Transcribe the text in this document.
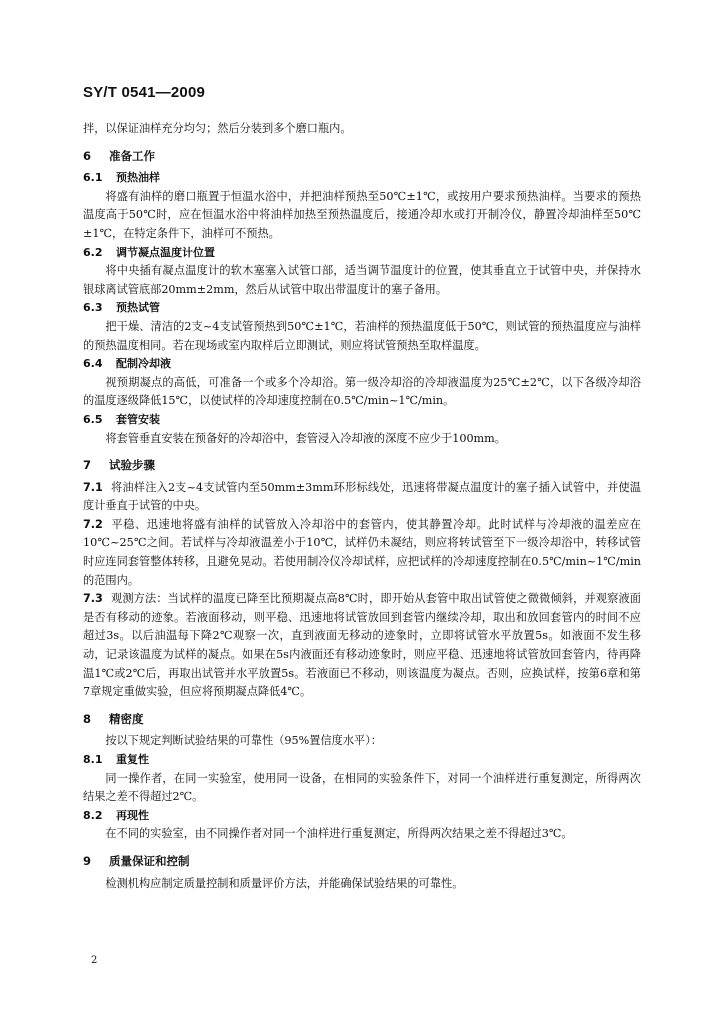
SY/T 0541—2009

拌，以保证油样充分均匀；然后分装到多个磨口瓶内。

6 准备工作

6.1 预热油样

将盛有油样的磨口瓶置于恒温水浴中，并把油样预热至50℃±1℃，或按用户要求预热油样。当要求的预热温度高于50℃时，应在恒温水浴中将油样加热至预热温度后，接通冷却水或打开制冷仪，静置冷却油样至50℃±1℃，在特定条件下，油样可不预热。

6.2 调节凝点温度计位置

将中央插有凝点温度计的软木塞塞入试管口部，适当调节温度计的位置，使其垂直立于试管中央，并保持水银球离试管底部20mm±2mm，然后从试管中取出带温度计的塞子备用。

6.3 预热试管

把干燥、清洁的2支~4支试管预热到50℃±1℃，若油样的预热温度低于50℃，则试管的预热温度应与油样的预热温度相同。若在现场或室内取样后立即测试，则应将试管预热至取样温度。

6.4 配制冷却液

视预期凝点的高低，可准备一个或多个冷却浴。第一级冷却浴的冷却液温度为25℃±2℃，以下各级冷却浴的温度逐级降低15℃，以使试样的冷却速度控制在0.5℃/min~1℃/min。

6.5 套管安装

将套管垂直安装在预备好的冷却浴中，套管浸入冷却液的深度不应少于100mm。

7 试验步骤

7.1 将油样注入2支~4支试管内至50mm±3mm环形标线处，迅速将带凝点温度计的塞子插入试管中，并使温度计垂直于试管的中央。

7.2 平稳、迅速地将盛有油样的试管放入冷却浴中的套管内，使其静置冷却。此时试样与冷却液的温差应在10℃~25℃之间。若试样与冷却液温差小于10℃，试样仍未凝结，则应将转试管至下一级冷却浴中，转移试管时应连同套管整体转移，且避免晃动。若使用制冷仪冷却试样，应把试样的冷却速度控制在0.5℃/min~1℃/min的范围内。

7.3 观测方法：当试样的温度已降至比预期凝点高8℃时，即开始从套管中取出试管使之微微倾斜，并观察液面是否有移动的迹象。若液面移动，则平稳、迅速地将试管放回到套管内继续冷却，取出和放回套管内的时间不应超过3s。以后油温每下降2℃观察一次，直到液面无移动的迹象时，立即将试管水平放置5s。如液面不发生移动，记录该温度为试样的凝点。如果在5s内液面还有移动迹象时，则应平稳、迅速地将试管放回套管内，待再降温1℃或2℃后，再取出试管并水平放置5s。若液面已不移动，则该温度为凝点。否则，应换试样，按第6章和第7章规定重做实验，但应将预期凝点降低4℃。

8 精密度

按以下规定判断试验结果的可靠性（95%置信度水平）：

8.1 重复性

同一操作者，在同一实验室，使用同一设备，在相同的实验条件下，对同一个油样进行重复测定，所得两次结果之差不得超过2℃。

8.2 再现性

在不同的实验室，由不同操作者对同一个油样进行重复测定，所得两次结果之差不得超过3℃。

9 质量保证和控制

检测机构应制定质量控制和质量评价方法，并能确保试验结果的可靠性。

2
